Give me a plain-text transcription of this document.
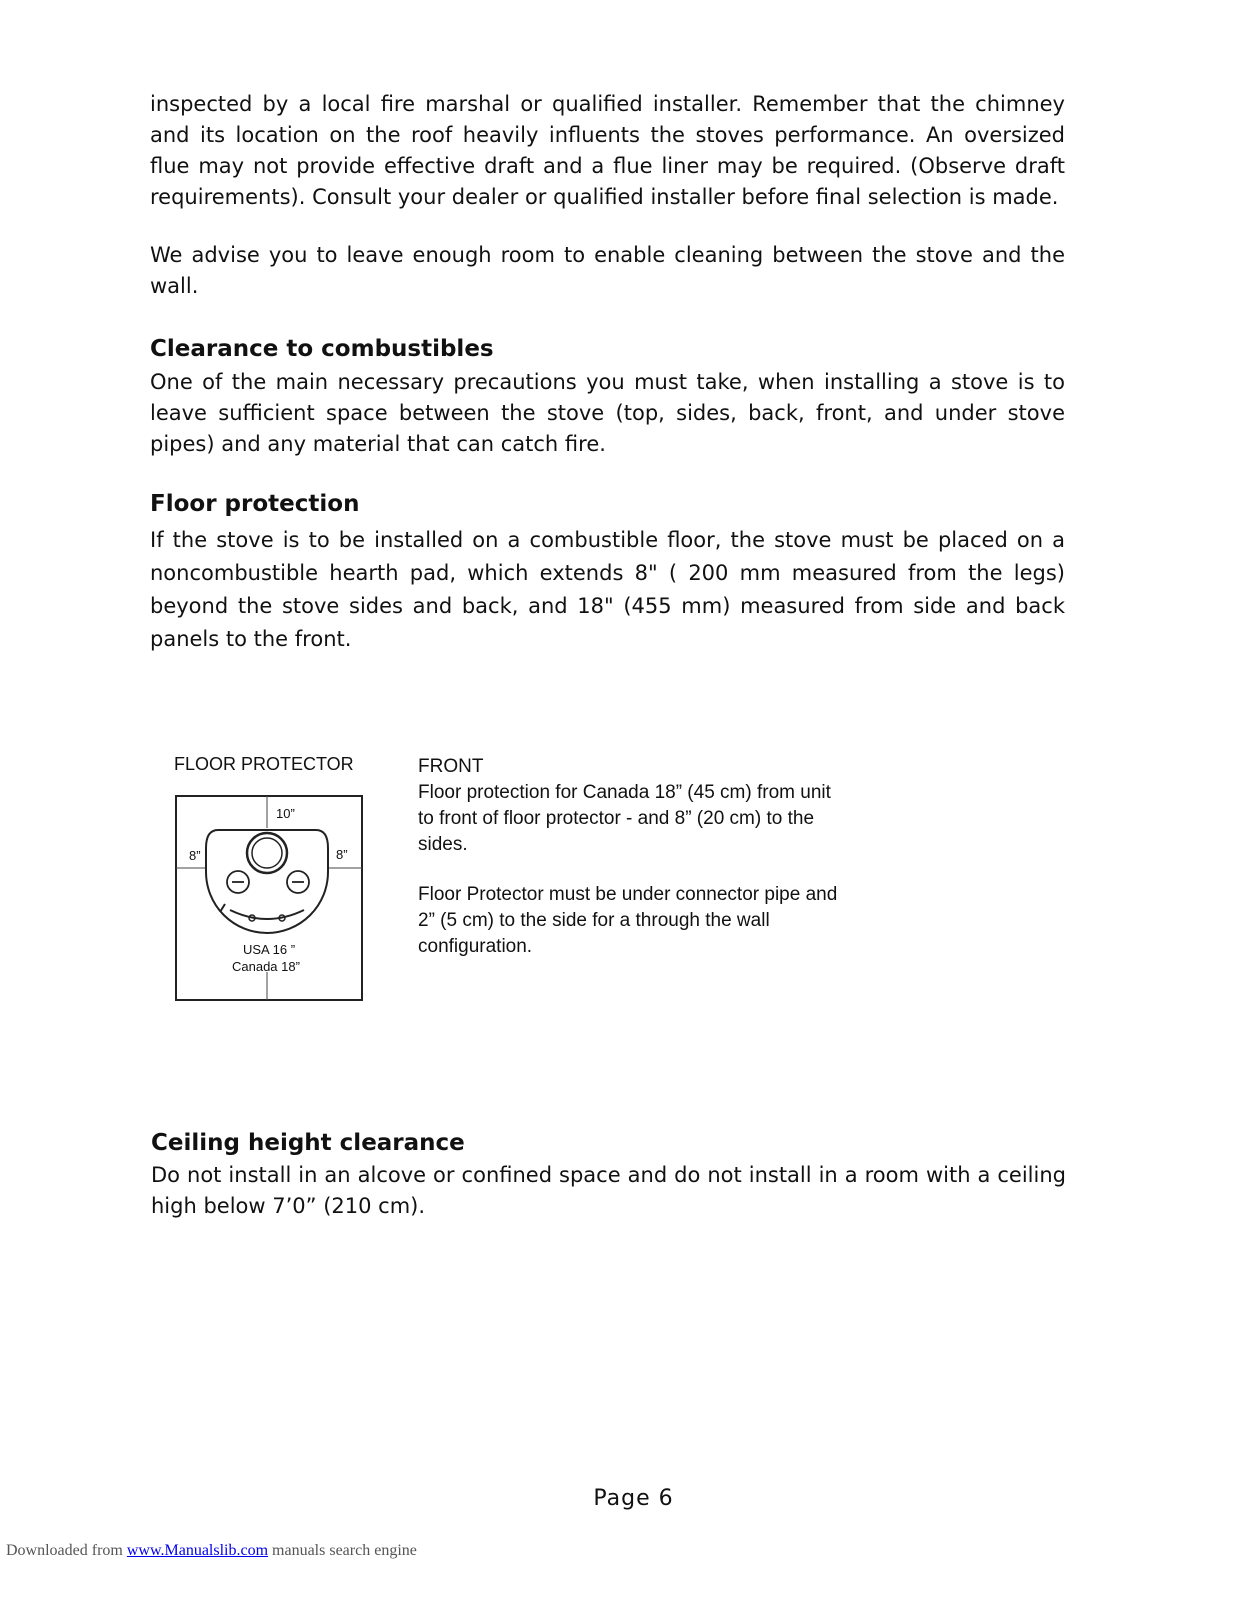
inspected by a local fire marshal or qualified installer. Remember that the chimney and its location on the roof heavily influents the stoves performance. An oversized flue may not provide effective draft and a flue liner may be required. (Observe draft requirements). Consult your dealer or qualified installer before final selection is made.

We advise you to leave enough room to enable cleaning between the stove and the wall.

Clearance to combustibles

One of the main necessary precautions you must take, when installing a stove is to leave sufficient space between the stove (top, sides, back, front, and under stove pipes) and any material that can catch fire.

Floor protection

If the stove is to be installed on a combustible floor, the stove must be placed on a noncombustible hearth pad, which extends 8" ( 200 mm measured from the legs) beyond the stove sides and back, and 18" (455 mm) measured from side and back panels to the front.

FLOOR PROTECTOR
10”
8”	8”
USA 16 ”
Canada 18”

FRONT

Floor protection for Canada 18” (45 cm) from unit to front of floor protector - and 8” (20 cm) to the sides.

Floor Protector must be under connector pipe and 2” (5 cm) to the side for a through the wall configuration.

Ceiling height clearance

Do not install in an alcove or confined space and do not install in a room with a ceiling high below 7’0” (210 cm).

Page 6
Downloaded from www.Manualslib.com manuals search engine
